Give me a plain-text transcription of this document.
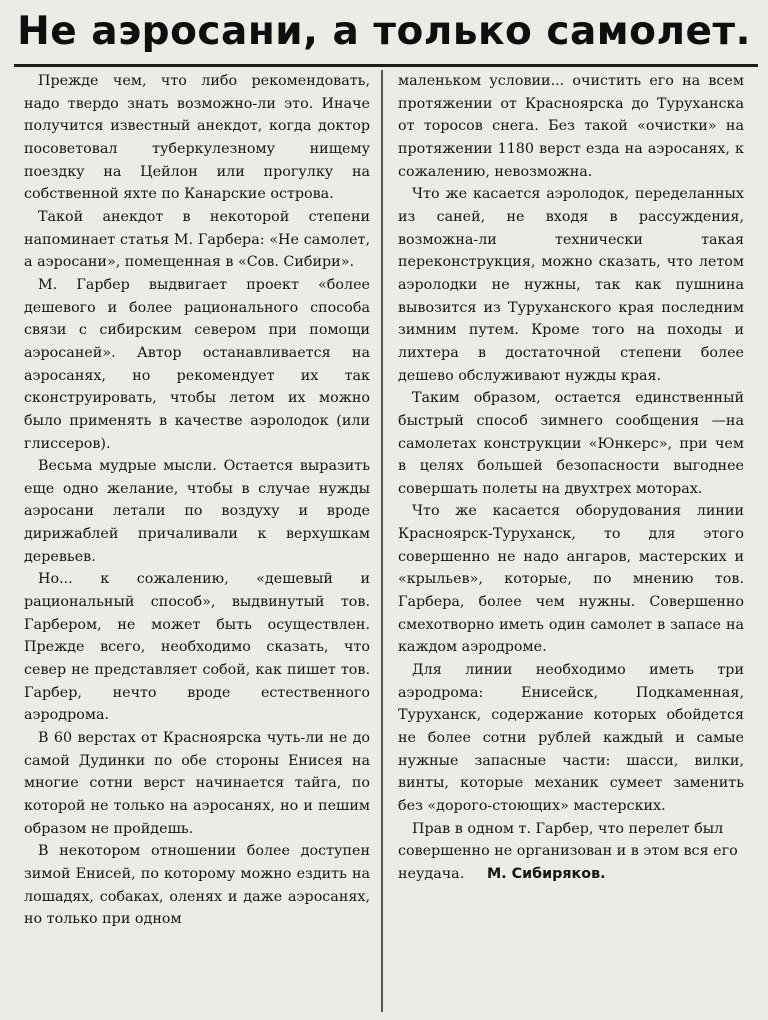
Не аэросани, а только самолет.

Прежде чем, что либо рекомендовать, надо твердо знать возможно-ли это. Иначе получится известный анекдот, когда доктор посоветовал туберкулезному нищему поездку на Цейлон или прогулку на собственной яхте по Канарские острова.

Такой анекдот в некоторой степени напоминает статья М. Гарбера: «Не самолет, а аэросани», помещенная в «Сов. Сибири».

М. Гарбер выдвигает проект «более дешевого и более рационального способа связи с сибирским севером при помощи аэросаней». Автор останавливается на аэросанях, но рекомендует их так сконструировать, чтобы летом их можно было применять в качестве аэролодок (или глиссеров).

Весьма мудрые мысли. Остается выразить еще одно желание, чтобы в случае нужды аэросани летали по воздуху и вроде дирижаблей причаливали к верхушкам деревьев.

Но... к сожалению, «дешевый и рациональный способ», выдвинутый тов. Гарбером, не может быть осуществлен. Прежде всего, необходимо сказать, что север не представляет собой, как пишет тов. Гарбер, нечто вроде естественного аэродрома.

В 60 верстах от Красноярска чуть-ли не до самой Дудинки по обе стороны Енисея на многие сотни верст начинается тайга, по которой не только на аэросанях, но и пешим образом не пройдешь.

В некотором отношении более доступен зимой Енисей, по которому можно ездить на лошадях, собаках, оленях и даже аэросанях, но только при одном

маленьком условии... очистить его на всем протяжении от Красноярска до Туруханска от торосов снега. Без такой «очистки» на протяжении 1180 верст езда на аэросанях, к сожалению, невозможна.

Что же касается аэролодок, переделанных из саней, не входя в рассуждения, возможна-ли технически такая переконструкция, можно сказать, что летом аэролодки не нужны, так как пушнина вывозится из Туруханского края последним зимним путем. Кроме того на походы и лихтера в достаточной степени более дешево обслуживают нужды края.

Таким образом, остается единственный быстрый способ зимнего сообщения —на самолетах конструкции «Юнкерс», при чем в целях большей безопасности выгоднее совершать полеты на двухтрех моторах.

Что же касается оборудования линии Красноярск-Туруханск, то для этого совершенно не надо ангаров, мастерских и «крыльев», которые, по мнению тов. Гарбера, более чем нужны. Совершенно смехотворно иметь один самолет в запасе на каждом аэродроме.

Для линии необходимо иметь три аэродрома: Енисейск, Подкаменная, Туруханск, содержание которых обойдется не более сотни рублей каждый и самые нужные запасные части: шасси, вилки, винты, которые механик сумеет заменить без «дорого-стоющих» мастерских.

Прав в одном т. Гарбер, что перелет был совершенно не организован и в этом вся его неудача. М. Сибиряков.
